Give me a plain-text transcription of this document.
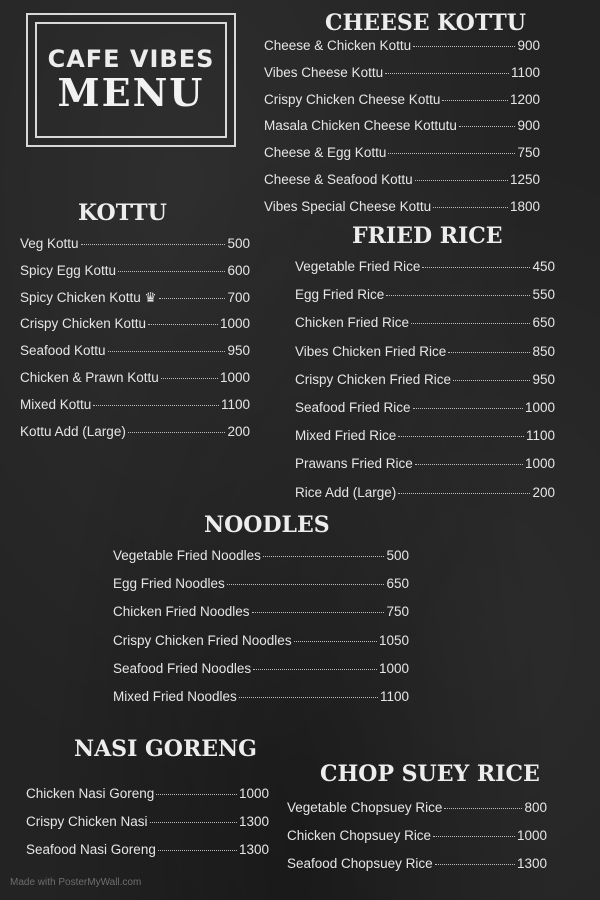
CAFE VIBES
MENU
CHEESE KOTTU
KOTTU
FRIED RICE
NOODLES
NASI GORENG
CHOP SUEY RICE
Cheese & Chicken Kottu	900
Vibes Cheese Kottu	1100
Crispy Chicken Cheese Kottu	1200
Masala Chicken Cheese Kottutu	900
Cheese & Egg Kottu	750
Cheese & Seafood Kottu	1250
Vibes Special Cheese Kottu	1800
Veg Kottu	500
Spicy Egg Kottu	600
Spicy Chicken Kottu ♛	700
Crispy Chicken Kottu	1000
Seafood Kottu	950
Chicken & Prawn Kottu	1000
Mixed Kottu	1100
Kottu Add (Large)	200
Vegetable Fried Rice	450
Egg Fried Rice	550
Chicken Fried Rice	650
Vibes Chicken Fried Rice	850
Crispy Chicken Fried Rice	950
Seafood Fried Rice	1000
Mixed Fried Rice	1100
Prawans Fried Rice	1000
Rice Add (Large)	200
Vegetable Fried Noodles	500
Egg Fried Noodles	650
Chicken Fried Noodles	750
Crispy Chicken Fried Noodles	1050
Seafood Fried Noodles	1000
Mixed Fried Noodles	1100
Chicken Nasi Goreng	1000
Crispy Chicken Nasi	1300
Seafood Nasi Goreng	1300
Vegetable Chopsuey Rice	800
Chicken Chopsuey Rice	1000
Seafood Chopsuey Rice	1300
Made with PosterMyWall.com
